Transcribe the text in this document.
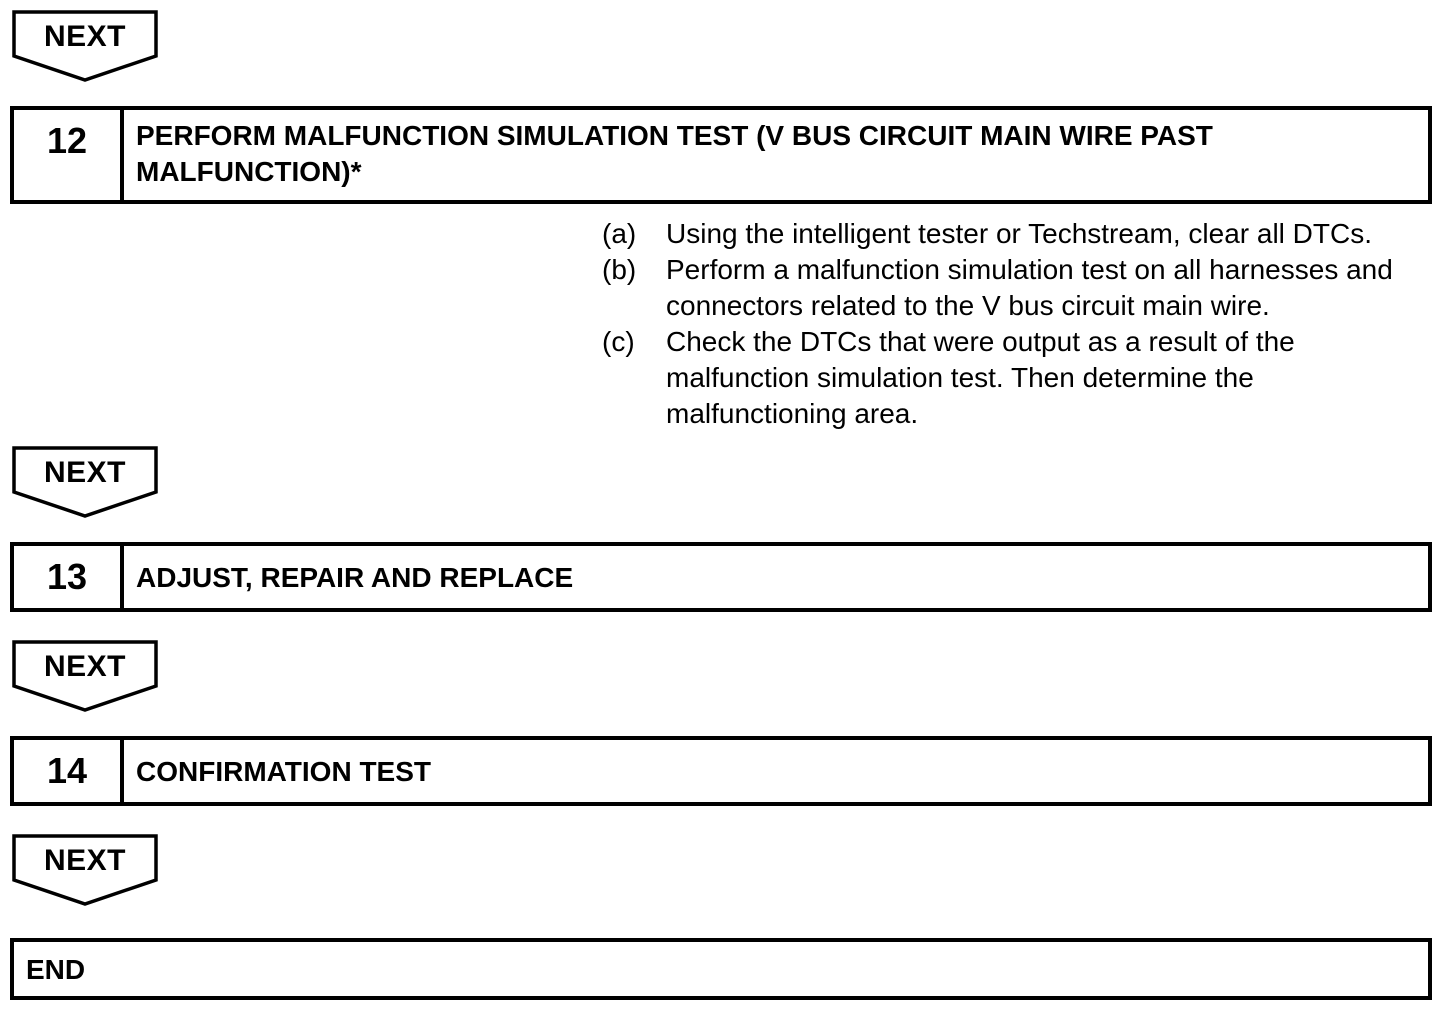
NEXT
12	PERFORM MALFUNCTION SIMULATION TEST (V BUS CIRCUIT MAIN WIRE PAST MALFUNCTION)*
(a)	Using the intelligent tester or Techstream, clear all DTCs.
(b)	Perform a malfunction simulation test on all harnesses and connectors related to the V bus circuit main wire.
(c)	Check the DTCs that were output as a result of the malfunction simulation test. Then determine the malfunctioning area.
NEXT
13	ADJUST, REPAIR AND REPLACE
NEXT
14	CONFIRMATION TEST
NEXT
END
